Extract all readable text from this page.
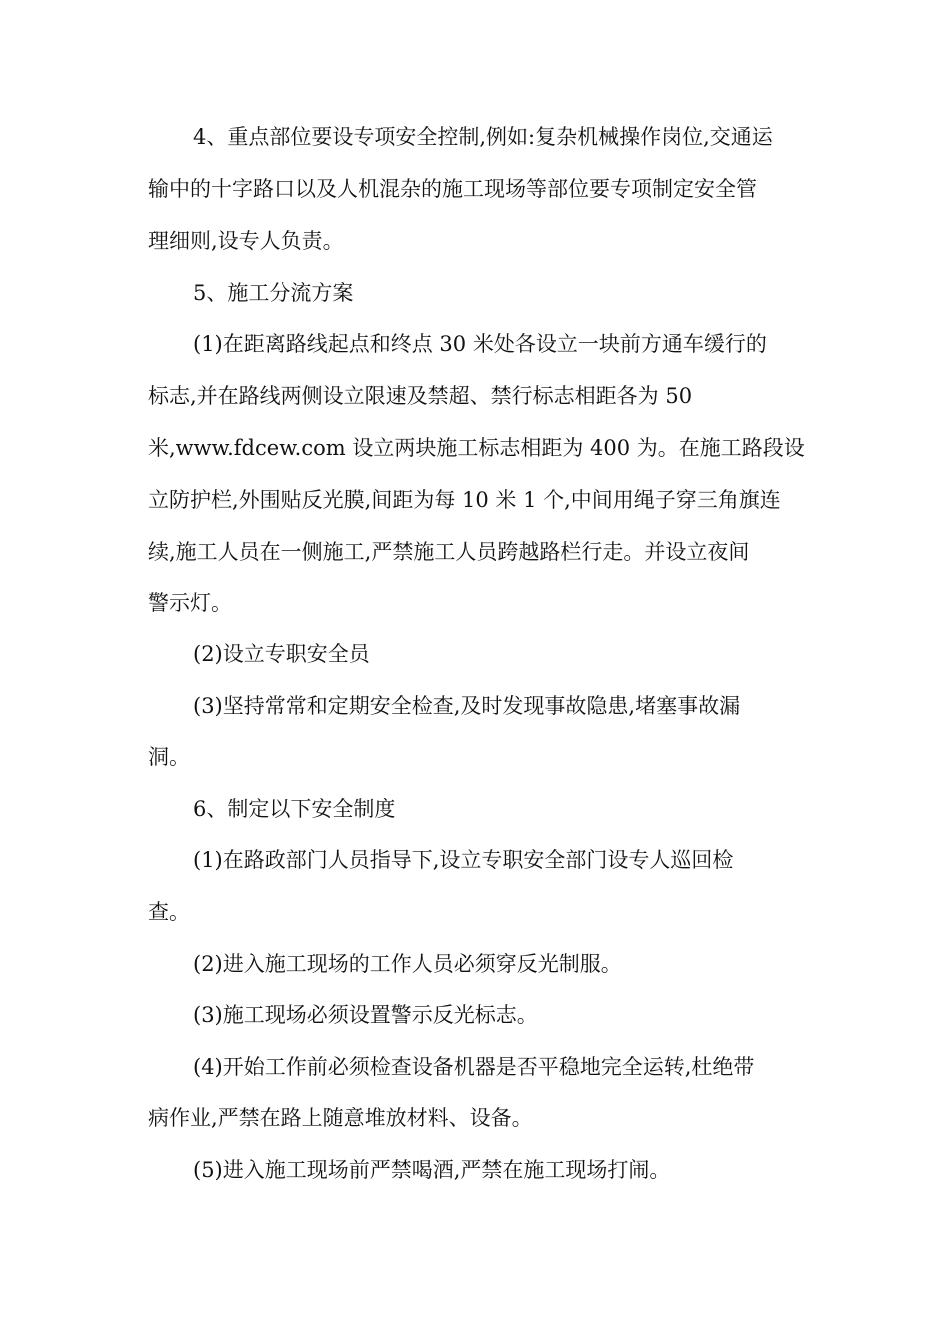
4、重点部位要设专项安全控制,例如:复杂机械操作岗位,交通运
输中的十字路口以及人机混杂的施工现场等部位要专项制定安全管
理细则,设专人负责。
5、施工分流方案
(1)在距离路线起点和终点 30 米处各设立一块前方通车缓行的
标志,并在路线两侧设立限速及禁超、禁行标志相距各为 50
米,www.fdcew.com 设立两块施工标志相距为 400 为。在施工路段设
立防护栏,外围贴反光膜,间距为每 10 米 1 个,中间用绳子穿三角旗连
续,施工人员在一侧施工,严禁施工人员跨越路栏行走。并设立夜间
警示灯。
(2)设立专职安全员
(3)坚持常常和定期安全检查,及时发现事故隐患,堵塞事故漏
洞。
6、制定以下安全制度
(1)在路政部门人员指导下,设立专职安全部门设专人巡回检
查。
(2)进入施工现场的工作人员必须穿反光制服。
(3)施工现场必须设置警示反光标志。
(4)开始工作前必须检查设备机器是否平稳地完全运转,杜绝带
病作业,严禁在路上随意堆放材料、设备。
(5)进入施工现场前严禁喝酒,严禁在施工现场打闹。
